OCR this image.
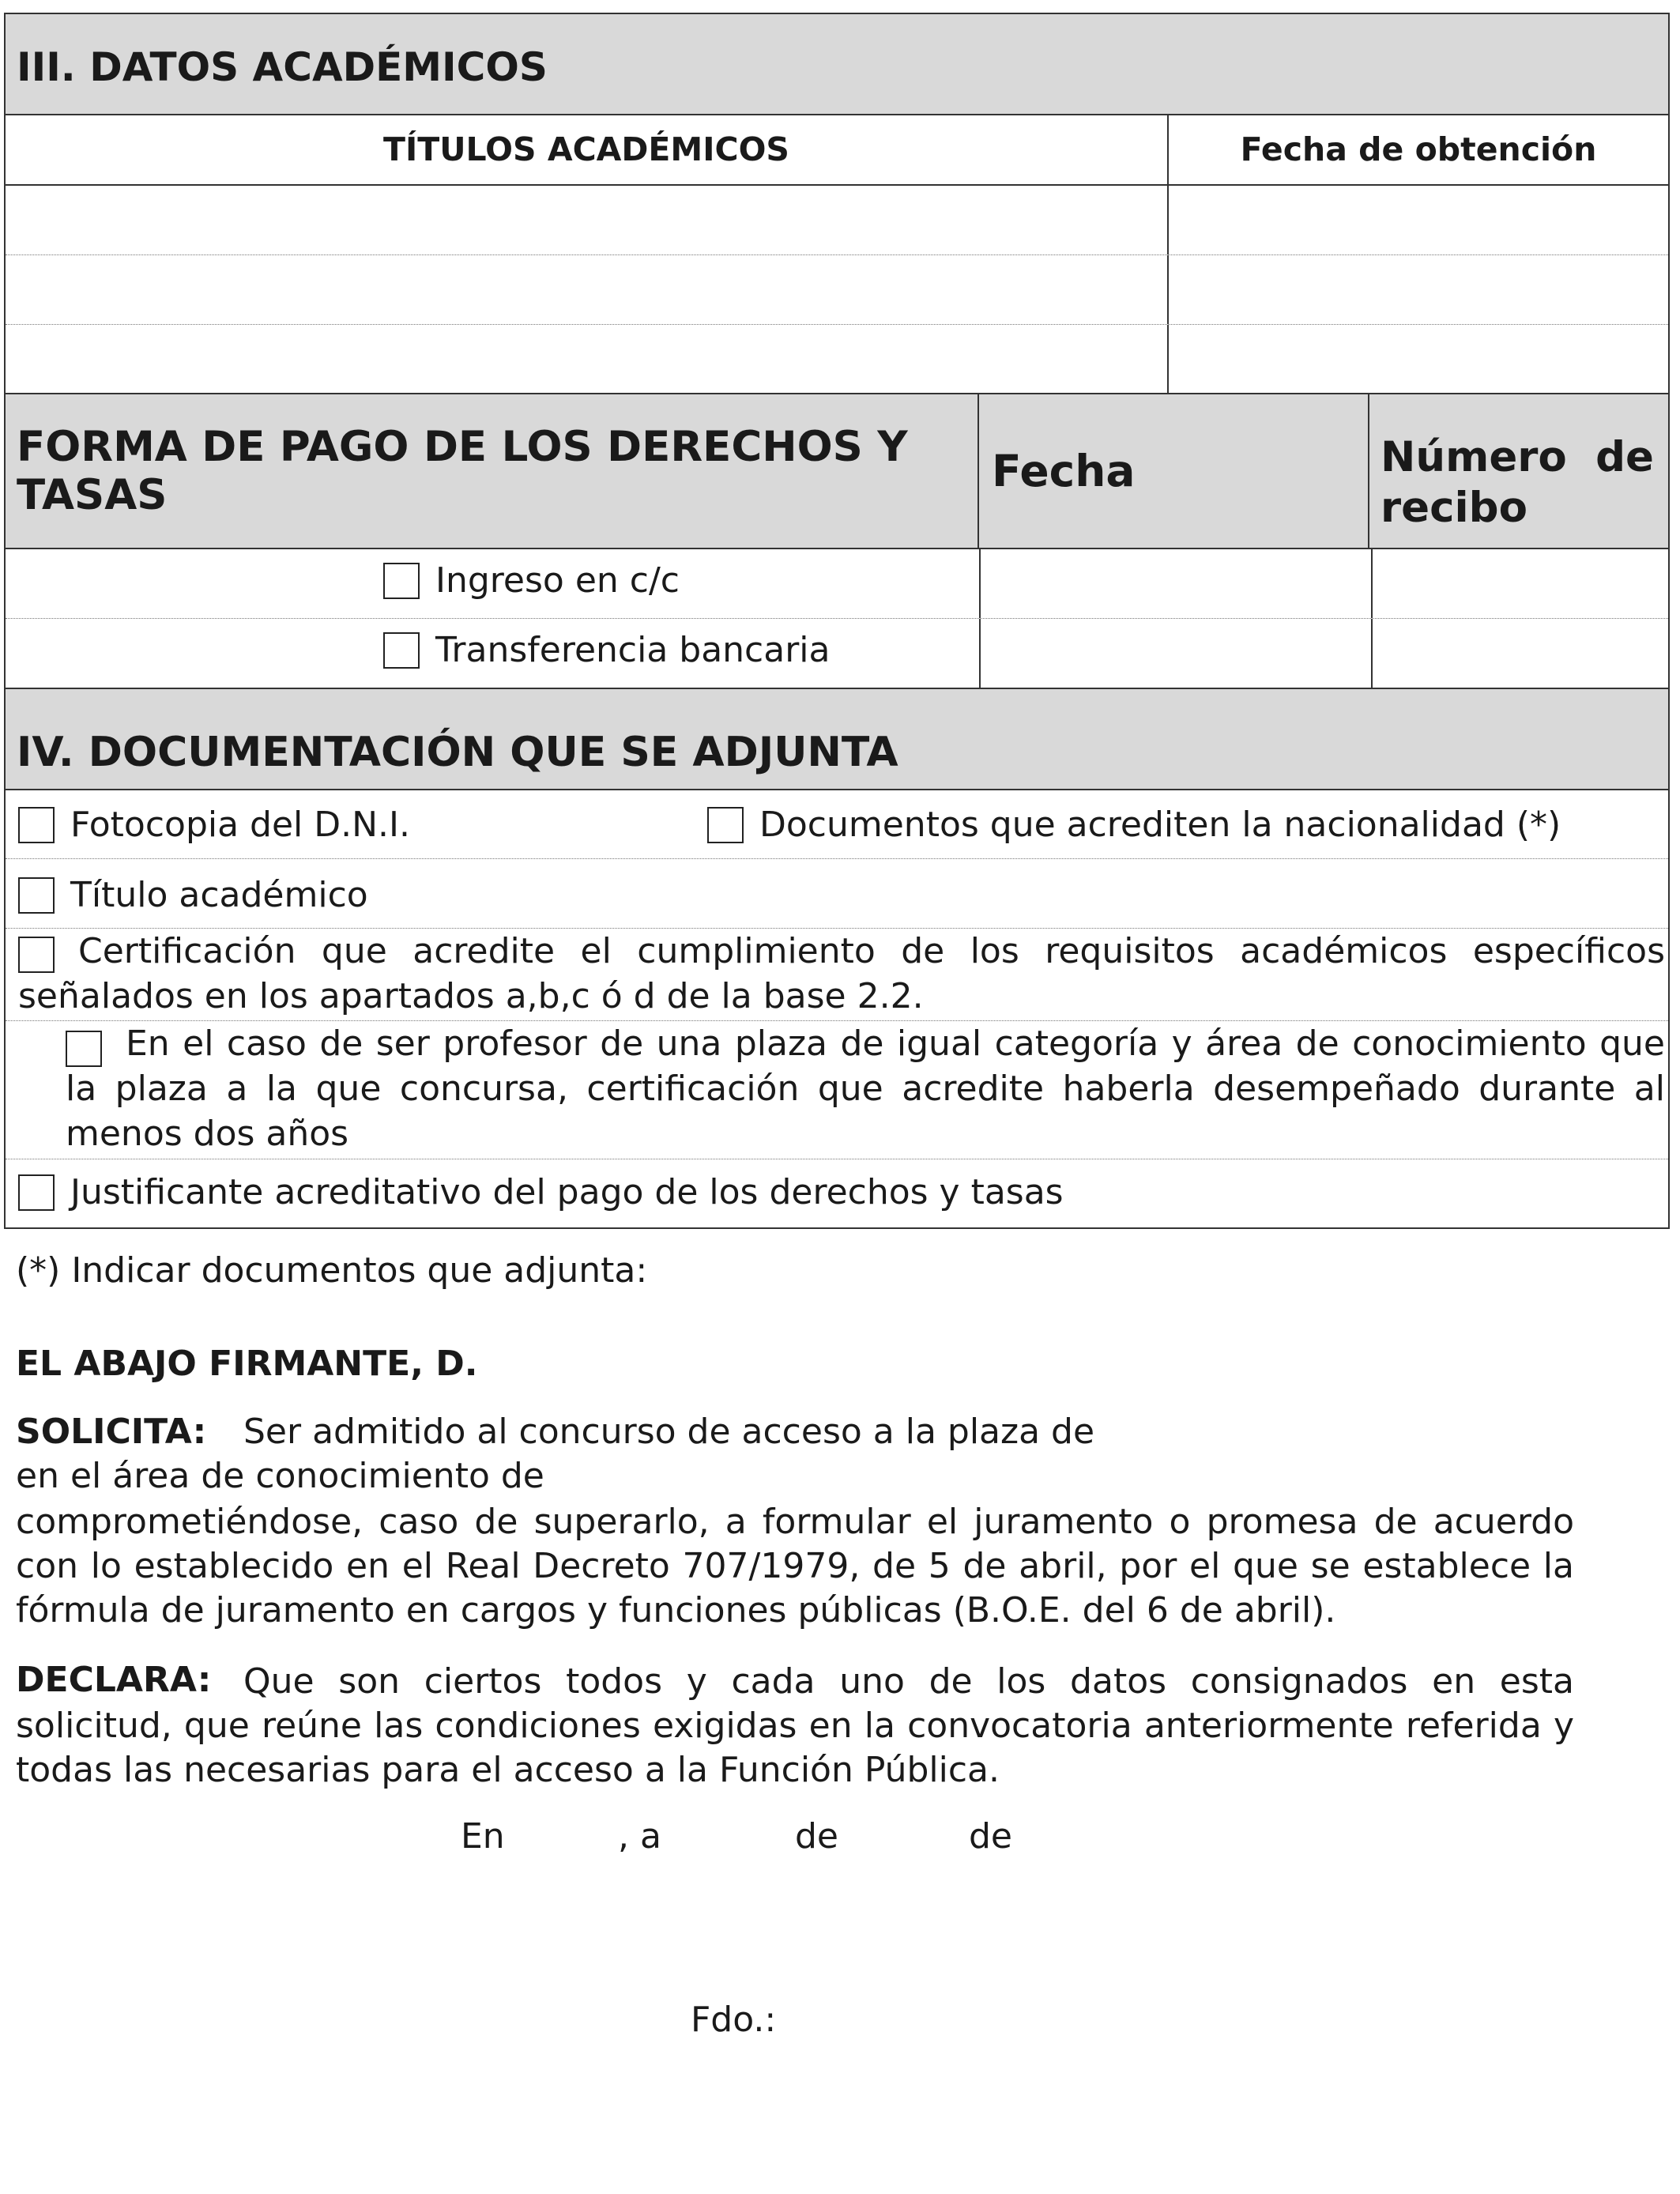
III. DATOS ACADÉMICOS
TÍTULOS ACADÉMICOS	Fecha de obtención
FORMA DE PAGO DE LOS DERECHOS Y TASAS	Fecha	Número de
recibo
Ingreso en c/c
Transferencia bancaria
IV. DOCUMENTACIÓN QUE SE ADJUNTA
Fotocopia del D.N.I.	Documentos que acrediten la nacionalidad (*)
Título académico
Certificación que acredite el cumplimiento de los requisitos académicos específicos señalados en los apartados a,b,c ó d de la base 2.2.
En el caso de ser profesor de una plaza de igual categoría y área de conocimiento que la plaza a la que concursa, certificación que acredite haberla desempeñado durante al menos dos años
Justificante acreditativo del pago de los derechos y tasas
(*) Indicar documentos que adjunta:
EL ABAJO FIRMANTE, D.
SOLICITA: Ser admitido al concurso de acceso a la plaza de
en el área de conocimiento de
comprometiéndose, caso de superarlo, a formular el juramento o promesa de acuerdo con lo establecido en el Real Decreto 707/1979, de 5 de abril, por el que se establece la fórmula de juramento en cargos y funciones públicas (B.O.E. del 6 de abril).
Que son ciertos todos y cada uno de los datos consignados en esta solicitud, que reúne las condiciones exigidas en la convocatoria anteriormente referida y todas las necesarias para el acceso a la Función Pública.
DECLARA:
En	, a	de	de
Fdo.:
